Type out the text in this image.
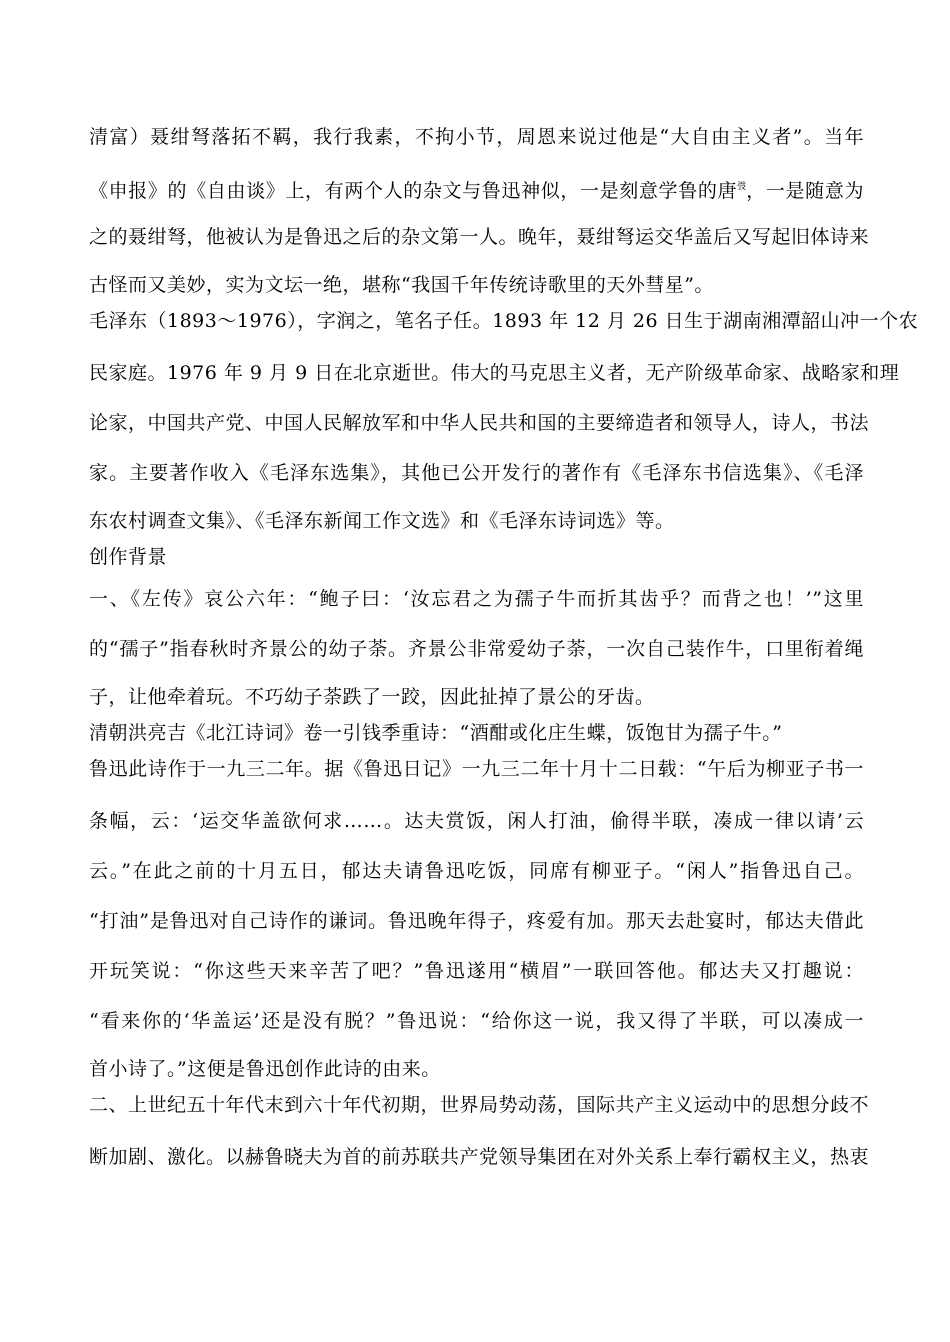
清富）聂绀弩落拓不羁，我行我素，不拘小节，周恩来说过他是“大自由主义者”。当年
《申报》的《自由谈》上，有两个人的杂文与鲁迅神似，一是刻意学鲁的唐$^弢$，一是随意为
之的聂绀弩，他被认为是鲁迅之后的杂文第一人。晚年，聂绀弩运交华盖后又写起旧体诗来
古怪而又美妙，实为文坛一绝，堪称“我国千年传统诗歌里的天外彗星”。
毛泽东（1893～1976），字润之，笔名子任。1893 年 12 月 26 日生于湖南湘潭韶山冲一个农
民家庭。1976 年 9 月 9 日在北京逝世。伟大的马克思主义者，无产阶级革命家、战略家和理
论家，中国共产党、中国人民解放军和中华人民共和国的主要缔造者和领导人，诗人，书法
家。主要著作收入《毛泽东选集》，其他已公开发行的著作有《毛泽东书信选集》、《毛泽
东农村调查文集》、《毛泽东新闻工作文选》和《毛泽东诗词选》等。
创作背景
一、《左传》哀公六年：“鲍子曰：‘汝忘君之为孺子牛而折其齿乎？而背之也！’”这里
的“孺子”指春秋时齐景公的幼子荼。齐景公非常爱幼子荼，一次自己装作牛，口里衔着绳
子，让他牵着玩。不巧幼子荼跌了一跤，因此扯掉了景公的牙齿。
清朝洪亮吉《北江诗词》卷一引钱季重诗：“酒酣或化庄生蝶，饭饱甘为孺子牛。”
鲁迅此诗作于一九三二年。据《鲁迅日记》一九三二年十月十二日载：“午后为柳亚子书一
条幅，云：‘运交华盖欲何求……。达夫赏饭，闲人打油，偷得半联，凑成一律以请’云
云。”在此之前的十月五日，郁达夫请鲁迅吃饭，同席有柳亚子。“闲人”指鲁迅自己。
“打油”是鲁迅对自己诗作的谦词。鲁迅晚年得子，疼爱有加。那天去赴宴时，郁达夫借此
开玩笑说：“你这些天来辛苦了吧？”鲁迅遂用“横眉”一联回答他。郁达夫又打趣说：
“看来你的‘华盖运’还是没有脱？”鲁迅说：“给你这一说，我又得了半联，可以凑成一
首小诗了。”这便是鲁迅创作此诗的由来。
二、上世纪五十年代末到六十年代初期，世界局势动荡，国际共产主义运动中的思想分歧不
断加剧、激化。以赫鲁晓夫为首的前苏联共产党领导集团在对外关系上奉行霸权主义，热衷
